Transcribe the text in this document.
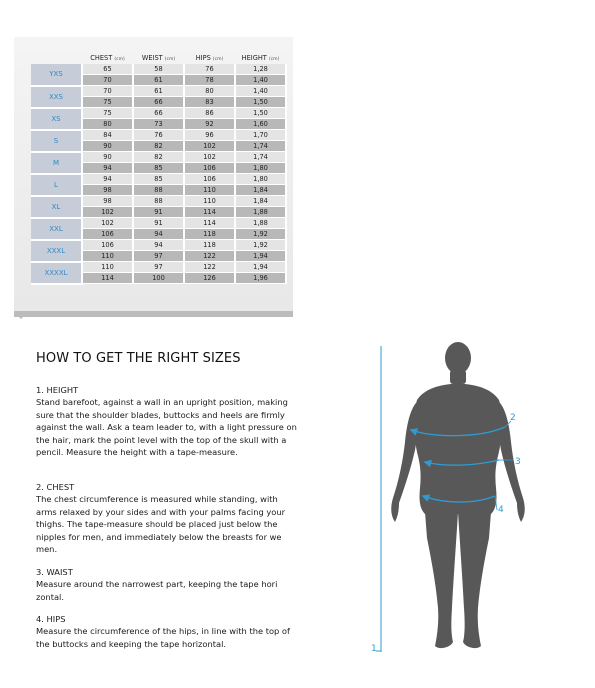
	CHEST (cm)	WEIST (cm)	HIPS (cm)	HEIGHT (cm)
YXS	65	58	76	1,28
	70	61	78	1,40
XXS	70	61	80	1,40
	75	66	83	1,50
XS	75	66	86	1,50
	80	73	92	1,60
S	84	76	96	1,70
	90	82	102	1,74
M	90	82	102	1,74
	94	85	106	1,80
L	94	85	106	1,80
	98	88	110	1,84
XL	98	88	110	1,84
	102	91	114	1,88
XXL	102	91	114	1,88
	106	94	118	1,92
XXXL	106	94	118	1,92
	110	97	122	1,94
XXXXL	110	97	122	1,94
	114	100	126	1,96
HOW TO GET THE RIGHT SIZES
1. HEIGHT
Stand barefoot, against a wall in an upright position, making
sure that the shoulder blades, buttocks and heels are firmly
against the wall. Ask a team leader to, with a light pressure on
the hair, mark the point level with the top of the skull with a
pencil. Measure the height with a tape-measure.
2. CHEST
The chest circumference is measured while standing, with
arms relaxed by your sides and with your palms facing your
thighs. The tape-measure should be placed just below the
nipples for men, and immediately below the breasts for we
men.
3. WAIST
Measure around the narrowest part, keeping the tape hori
zontal.
4. HIPS
Measure the circumference of the hips, in line with the top of
the buttocks and keeping the tape horizontal.
1
2
3
4
